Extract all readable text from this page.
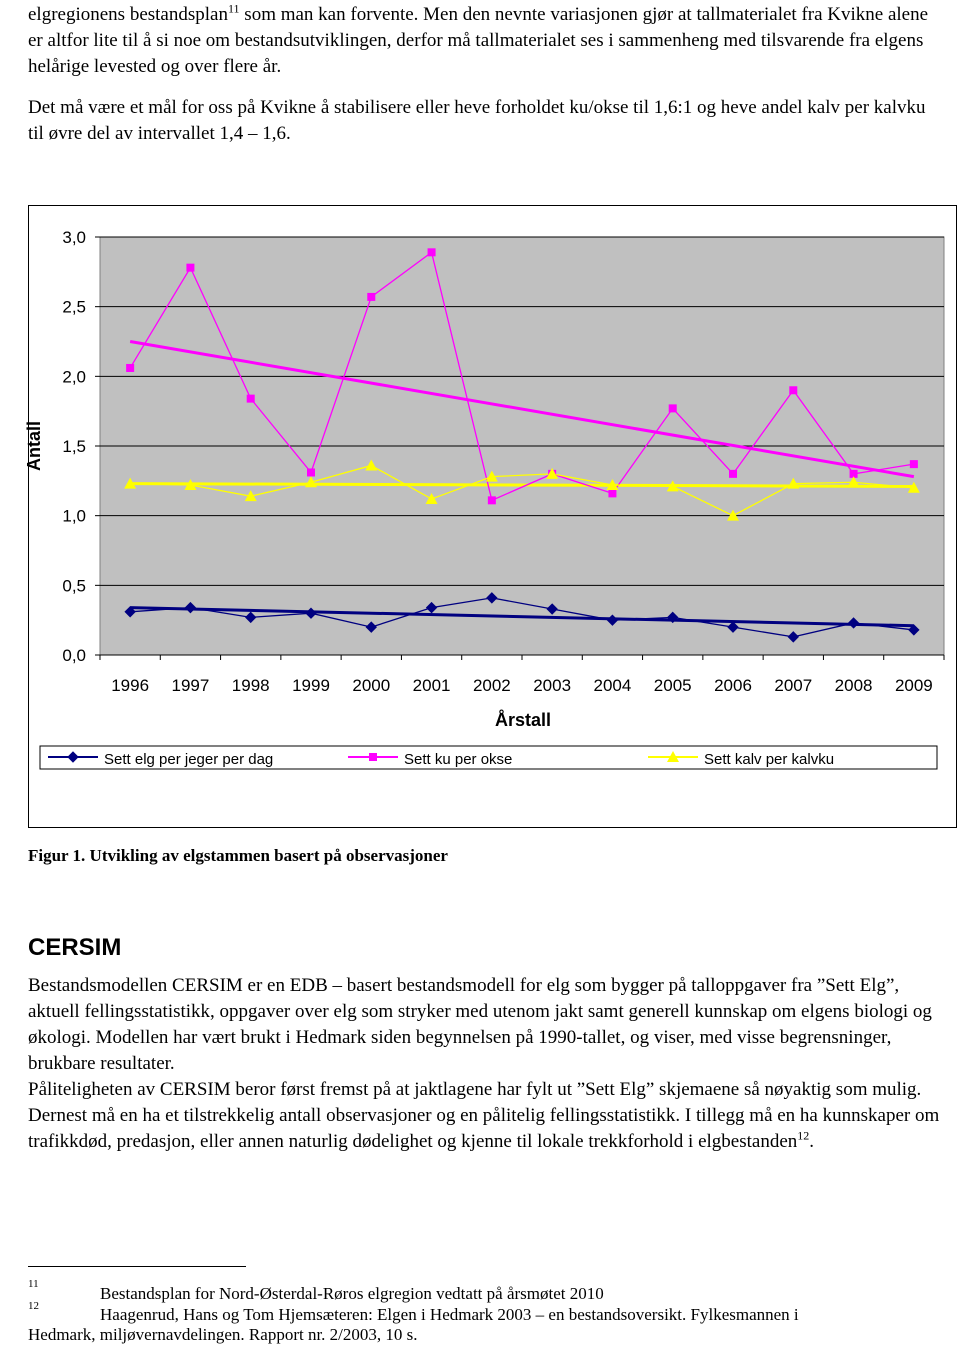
elgregionens bestandsplan$^{11}$ som man kan forvente. Men den nevnte variasjonen gjør at tallmaterialet fra Kvikne alene er altfor lite til å si noe om bestandsutviklingen, derfor må tallmaterialet ses i sammenheng med tilsvarende fra elgens helårige levested og over flere år.

Det må være et mål for oss på Kvikne å stabilisere eller heve forholdet ku/okse til 1,6:1 og heve andel kalv per kalvku til øvre del av intervallet 1,4 – 1,6.

0,0
0,5
1,0
1,5
2,0
2,5
3,0
1996 1997 1998 1999 2000 2001 2002 2003 2004 2005 2006 2007 2008 2009
Antall
Årstall
Sett elg per jeger per dag	Sett ku per okse	Sett kalv per kalvku

Figur 1. Utvikling av elgstammen basert på observasjoner

CERSIM

Bestandsmodellen CERSIM er en EDB – basert bestandsmodell for elg som bygger på talloppgaver fra ”Sett Elg”, aktuell fellingsstatistikk, oppgaver over elg som stryker med utenom jakt samt generell kunnskap om elgens biologi og økologi. Modellen har vært brukt i Hedmark siden begynnelsen på 1990-tallet, og viser, med visse begrensninger, brukbare resultater.

Påliteligheten av CERSIM beror først fremst på at jaktlagene har fylt ut ”Sett Elg” skjemaene så nøyaktig som mulig. Dernest må en ha et tilstrekkelig antall observasjoner og en pålitelig fellingsstatistikk. I tillegg må en ha kunnskaper om trafikkdød, predasjon, eller annen naturlig dødelighet og kjenne til lokale trekkforhold i elgbestanden$^{12}$.

11	Bestandsplan for Nord-Østerdal-Røros elgregion vedtatt på årsmøtet 2010
12	Haagenrud, Hans og Tom Hjemsæteren: Elgen i Hedmark 2003 – en bestandsoversikt. Fylkesmannen i
Hedmark, miljøvernavdelingen. Rapport nr. 2/2003, 10 s.
